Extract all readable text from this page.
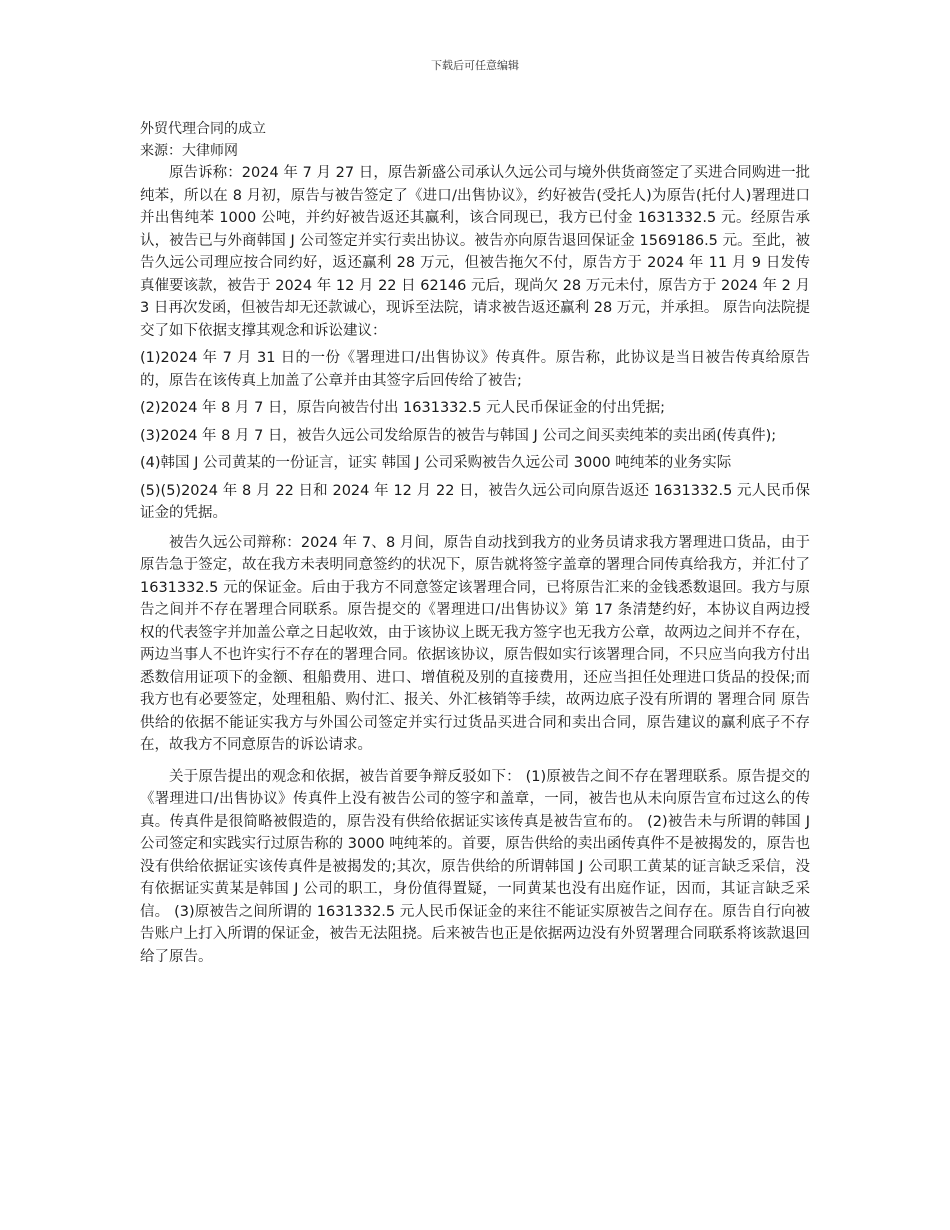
下载后可任意编辑

外贸代理合同的成立

来源：大律师网

原告诉称：2024 年 7 月 27 日，原告新盛公司承认久远公司与境外供货商签定了买进合同购进一批纯苯，所以在 8 月初，原告与被告签定了《进口/出售协议》，约好被告(受托人)为原告(托付人)署理进口并出售纯苯 1000 公吨，并约好被告返还其赢利，该合同现已，我方已付金 1631332.5 元。经原告承认，被告已与外商韩国 J 公司签定并实行卖出协议。被告亦向原告退回保证金 1569186.5 元。至此，被告久远公司理应按合同约好，返还赢利 28 万元，但被告拖欠不付，原告方于 2024 年 11 月 9 日发传真催要该款，被告于 2024 年 12 月 22 日 62146 元后，现尚欠 28 万元未付，原告方于 2024 年 2 月 3 日再次发函，但被告却无还款诚心，现诉至法院，请求被告返还赢利 28 万元，并承担。 原告向法院提交了如下依据支撑其观念和诉讼建议：

(1)2024 年 7 月 31 日的一份《署理进口/出售协议》传真件。原告称，此协议是当日被告传真给原告的，原告在该传真上加盖了公章并由其签字后回传给了被告;

(2)2024 年 8 月 7 日，原告向被告付出 1631332.5 元人民币保证金的付出凭据;

(3)2024 年 8 月 7 日，被告久远公司发给原告的被告与韩国 J 公司之间买卖纯苯的卖出函(传真件);

(4)韩国 J 公司黄某的一份证言，证实 韩国 J 公司采购被告久远公司 3000 吨纯苯的业务实际

(5)(5)2024 年 8 月 22 日和 2024 年 12 月 22 日，被告久远公司向原告返还 1631332.5 元人民币保证金的凭据。

被告久远公司辩称：2024 年 7、8 月间，原告自动找到我方的业务员请求我方署理进口货品，由于原告急于签定，故在我方未表明同意签约的状况下，原告就将签字盖章的署理合同传真给我方，并汇付了 1631332.5 元的保证金。后由于我方不同意签定该署理合同，已将原告汇来的金钱悉数退回。我方与原告之间并不存在署理合同联系。原告提交的《署理进口/出售协议》第 17 条清楚约好，本协议自两边授权的代表签字并加盖公章之日起收效，由于该协议上既无我方签字也无我方公章，故两边之间并不存在，两边当事人不也许实行不存在的署理合同。依据该协议，原告假如实行该署理合同，不只应当向我方付出悉数信用证项下的金额、租船费用、进口、增值税及别的直接费用，还应当担任处理进口货品的投保;而我方也有必要签定，处理租船、购付汇、报关、外汇核销等手续，故两边底子没有所谓的 署理合同 原告供给的依据不能证实我方与外国公司签定并实行过货品买进合同和卖出合同，原告建议的赢利底子不存在，故我方不同意原告的诉讼请求。

关于原告提出的观念和依据，被告首要争辩反驳如下： (1)原被告之间不存在署理联系。原告提交的《署理进口/出售协议》传真件上没有被告公司的签字和盖章，一同，被告也从未向原告宣布过这么的传真。传真件是很简略被假造的，原告没有供给依据证实该传真是被告宣布的。 (2)被告未与所谓的韩国 J 公司签定和实践实行过原告称的 3000 吨纯苯的。首要，原告供给的卖出函传真件不是被揭发的，原告也没有供给依据证实该传真件是被揭发的;其次，原告供给的所谓韩国 J 公司职工黄某的证言缺乏采信，没有依据证实黄某是韩国 J 公司的职工，身份值得置疑，一同黄某也没有出庭作证，因而，其证言缺乏采信。 (3)原被告之间所谓的 1631332.5 元人民币保证金的来往不能证实原被告之间存在。原告自行向被告账户上打入所谓的保证金，被告无法阻挠。后来被告也正是依据两边没有外贸署理合同联系将该款退回给了原告。
